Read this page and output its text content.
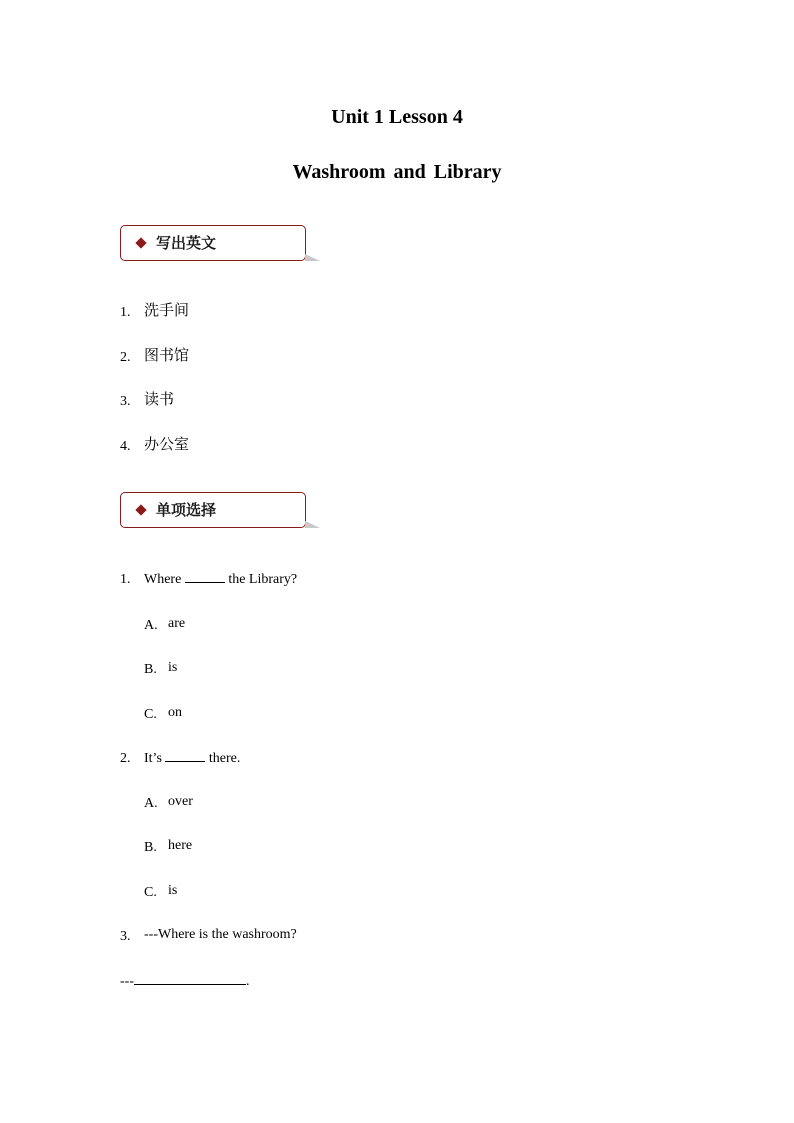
Unit 1 Lesson 4
Washroom and Library
写出英文
1. 洗手间
2. 图书馆
3. 读书
4. 办公室
单项选择
1. Where	the Library?
A. are
B. is
C. on
2. It’s	there.
A. over
B. here
C. is
3. ---Where is the washroom?
---	.
